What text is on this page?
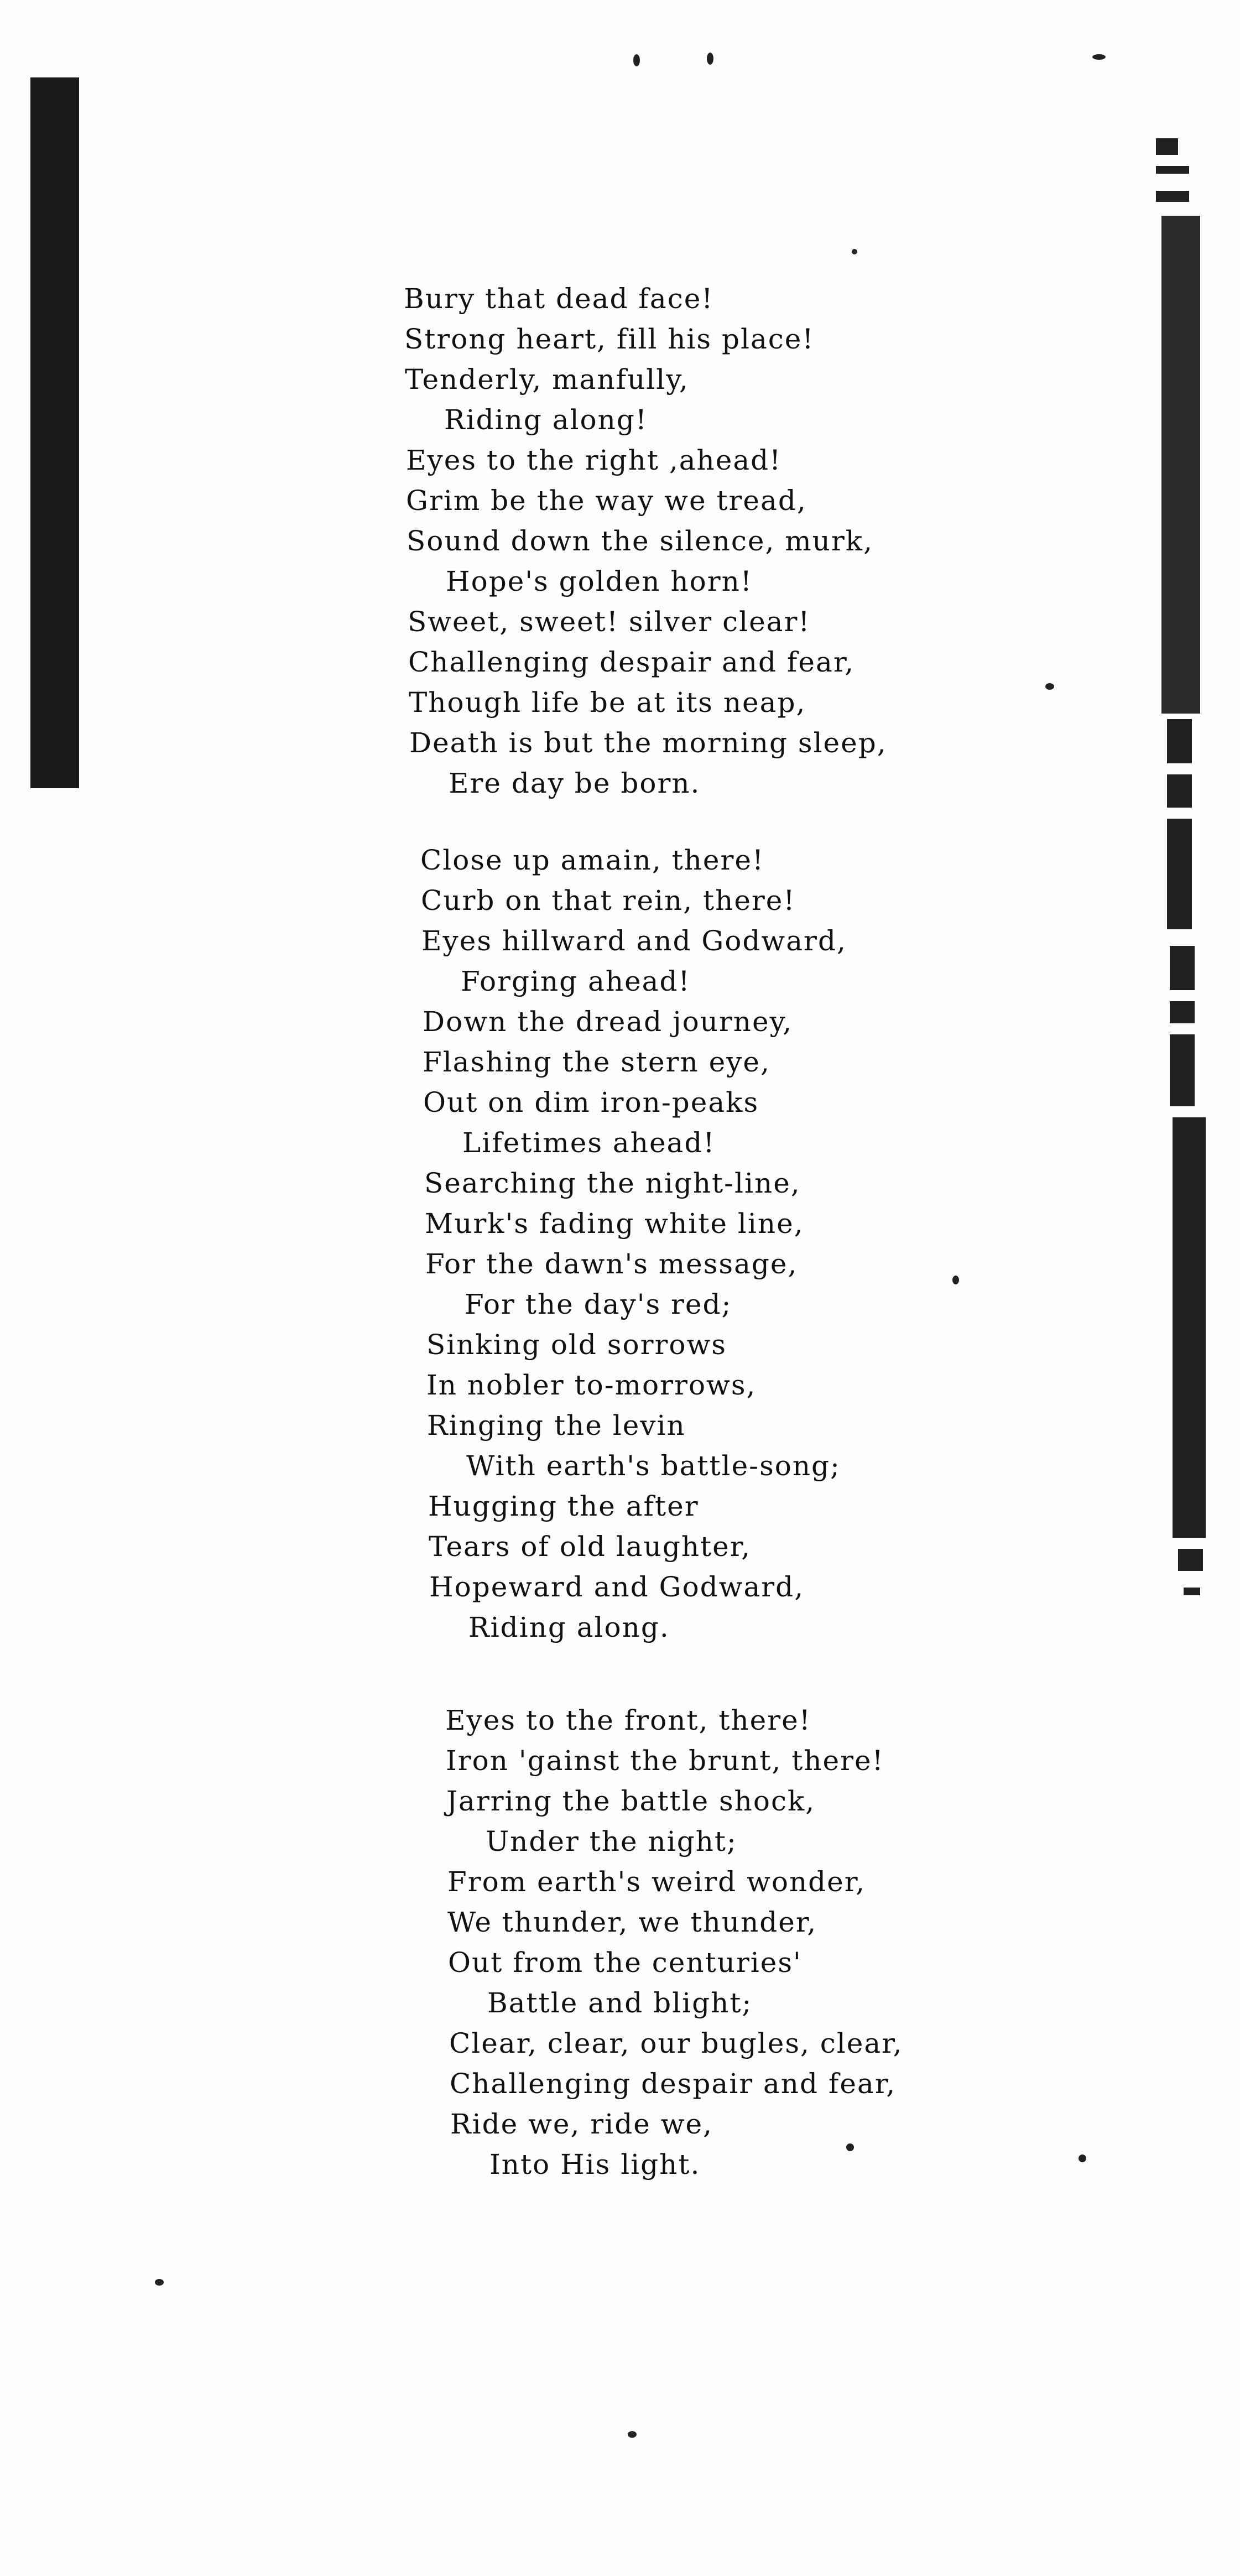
Bury that dead face!
Strong heart, fill his place!
Tenderly, manfully,
Riding along!
Eyes to the right ,ahead!
Grim be the way we tread,
Sound down the silence, murk,
Hope's golden horn!
Sweet, sweet! silver clear!
Challenging despair and fear,
Though life be at its neap,
Death is but the morning sleep,
Ere day be born.
Close up amain, there!
Curb on that rein, there!
Eyes hillward and Godward,
Forging ahead!
Down the dread journey,
Flashing the stern eye,
Out on dim iron-peaks
Lifetimes ahead!
Searching the night-line,
Murk's fading white line,
For the dawn's message,
For the day's red;
Sinking old sorrows
In nobler to-morrows,
Ringing the levin
With earth's battle-song;
Hugging the after
Tears of old laughter,
Hopeward and Godward,
Riding along.
Eyes to the front, there!
Iron 'gainst the brunt, there!
Jarring the battle shock,
Under the night;
From earth's weird wonder,
We thunder, we thunder,
Out from the centuries'
Battle and blight;
Clear, clear, our bugles, clear,
Challenging despair and fear,
Ride we, ride we,
Into His light.
